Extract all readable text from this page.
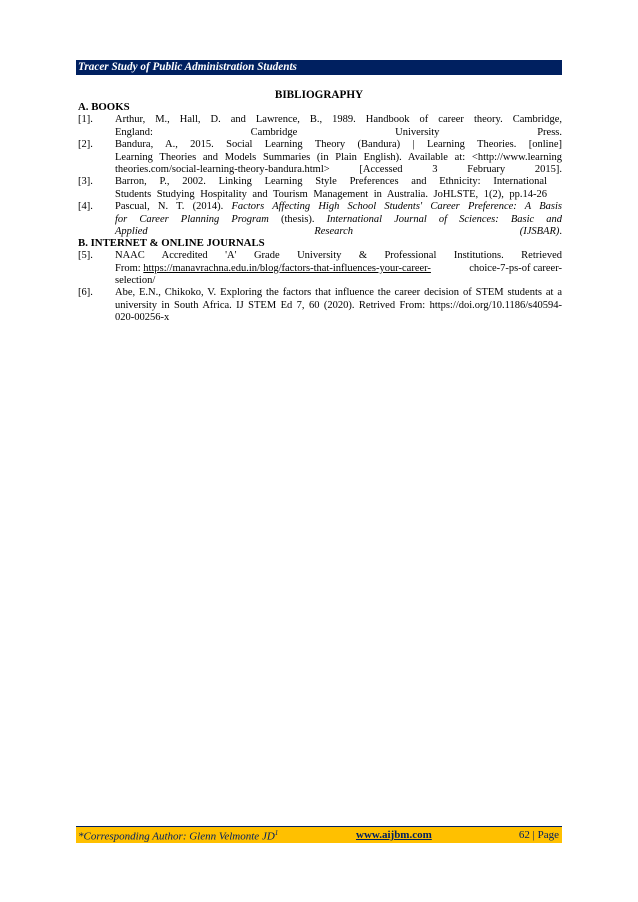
Tracer Study of Public Administration Students
BIBLIOGRAPHY
A. BOOKS
[1]. Arthur, M., Hall, D. and Lawrence, B., 1989. Handbook of career theory. Cambridge,
England: Cambridge University Press.
[2]. Bandura, A., 2015. Social Learning Theory (Bandura) | Learning Theories. [online]
Learning Theories and Models Summaries (in Plain English). Available at: <http://www.learning
theories.com/social-learning-theory-bandura.html> [Accessed 3 February 2015].
[3]. Barron, P., 2002. Linking Learning Style Preferences and Ethnicity: International
Students Studying Hospitality and Tourism Management in Australia. JoHLSTE, 1(2), pp.14-26
[4]. Pascual, N. T. (2014). Factors Affecting High School Students' Career Preference: A Basis
for Career Planning Program (thesis). International Journal of Sciences: Basic and
Applied Research (IJSBAR).
B. INTERNET & ONLINE JOURNALS
[5]. NAAC Accredited 'A' Grade University & Professional Institutions. Retrieved
From: https://manavrachna.edu.in/blog/factors-that-influences-your-career-	choice-7-ps-of career-
selection/
[6]. Abe, E.N., Chikoko, V. Exploring the factors that influence the career decision of STEM students at a
university in South Africa. IJ STEM Ed 7, 60 (2020). Retrived From: https://doi.org/10.1186/s40594-
020-00256-x
*Corresponding Author: Glenn Velmonte $JD^1$	www.aijbm.com	62 | Page
